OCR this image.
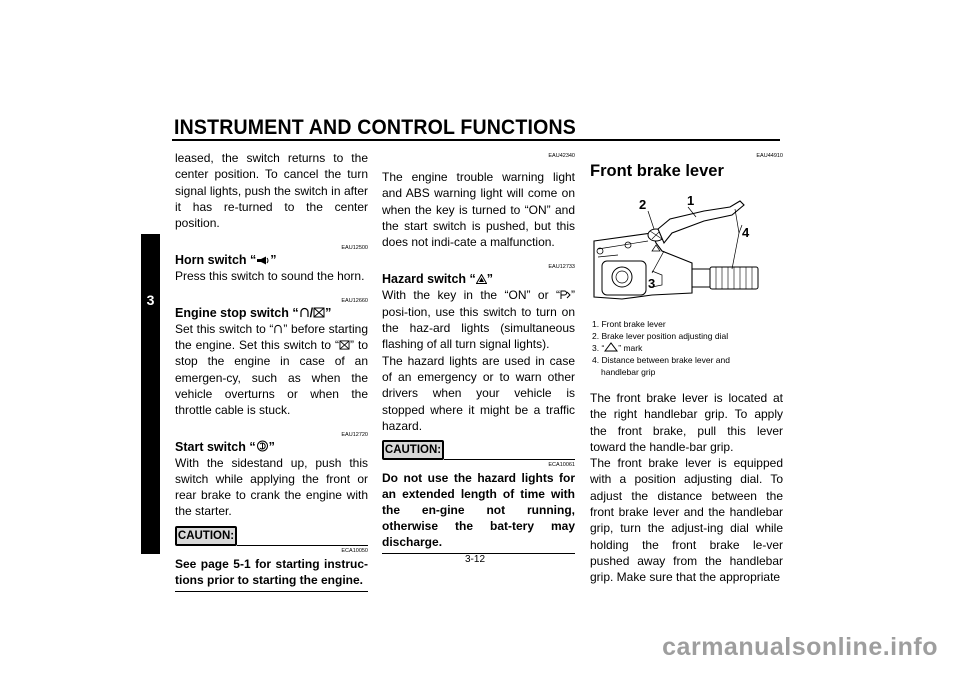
INSTRUMENT AND CONTROL FUNCTIONS
3

leased, the switch returns to the center position. To cancel the turn signal lights, push the switch in after it has re-turned to the center position.

EAU12500
Horn switch “ ”

Press this switch to sound the horn.

EAU12660
Engine stop switch “ / ”

Set this switch to “ ” before starting the engine. Set this switch to “ ” to stop the engine in case of an emergen-cy, such as when the vehicle overturns or when the throttle cable is stuck.

EAU12720
Start switch “ ”

With the sidestand up, push this switch while applying the front or rear brake to crank the engine with the starter.

CAUTION:
ECA10050
See page 5-1 for starting instruc-tions prior to starting the engine.
EAU42340

The engine trouble warning light and ABS warning light will come on when the key is turned to “ON” and the start switch is pushed, but this does not indi-cate a malfunction.

EAU12733
Hazard switch “ ”

With the key in the “ON” or “ ” posi-tion, use this switch to turn on the haz-ard lights (simultaneous flashing of all turn signal lights).

The hazard lights are used in case of an emergency or to warn other drivers when your vehicle is stopped where it might be a traffic hazard.

CAUTION:
ECA10061
Do not use the hazard lights for an extended length of time with the en-gine not running, otherwise the bat-tery may discharge.
EAU44910
Front brake lever
2	1
3
4
1. Front brake lever
2. Brake lever position adjusting dial
3. “ ” mark
4. Distance between brake lever and
handlebar grip

The front brake lever is located at the right handlebar grip. To apply the front brake, pull this lever toward the handle-bar grip.

The front brake lever is equipped with a position adjusting dial. To adjust the distance between the front brake lever and the handlebar grip, turn the adjust-ing dial while holding the front brake le-ver pushed away from the handlebar grip. Make sure that the appropriate

3-12
carmanualsonline.info
